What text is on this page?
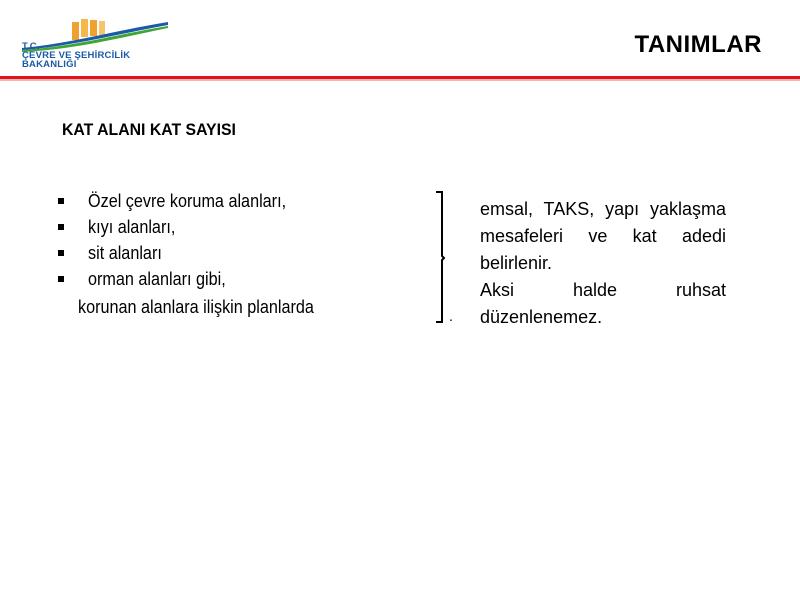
T.C.
ÇEVRE VE ŞEHİRCİLİK
BAKANLIĞI
TANIMLAR
KAT ALANI KAT SAYISI
Özel çevre koruma alanları,
kıyı alanları,
sit alanları
orman alanları gibi,
korunan alanlara ilişkin planlarda	.

emsal, TAKS, yapı yaklaşma mesafeleri ve kat adedi belirlenir.

Aksi halde ruhsat düzenlenemez.
